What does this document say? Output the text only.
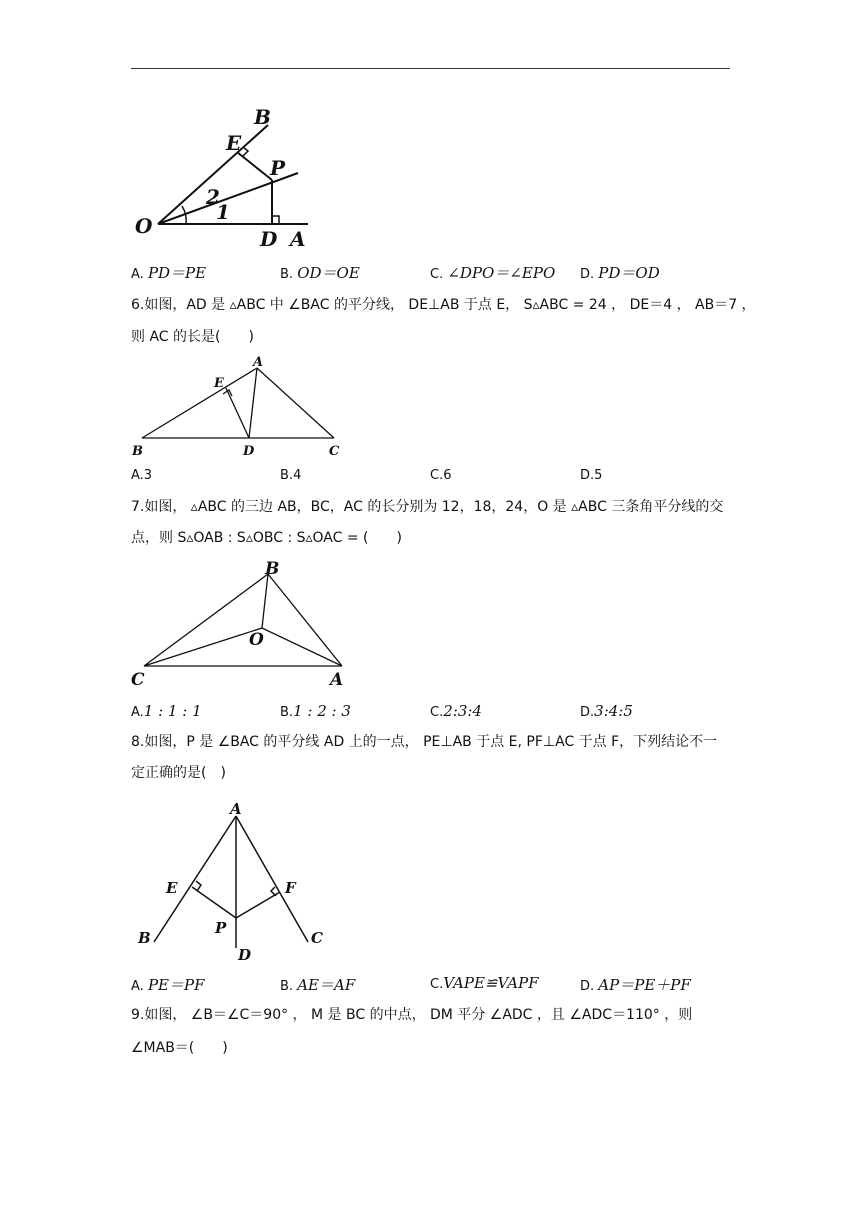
B
E
P
2
1
O
D A
A. PD＝PE	B. OD＝OE	C. ∠DPO＝∠EPO D. PD＝OD
6.如图，AD 是 ▵ABC 中 ∠BAC 的平分线， DE⊥AB 于点 E， S▵ABC = 24 ， DE＝4 ， AB＝7 ，
则 AC 的长是(　　)
A
E
B	D	C
A.3	B.4	C.6	D.5
7.如图， ▵ABC 的三边 AB，BC，AC 的长分别为 12，18，24，O 是 ▵ABC 三条角平分线的交
点，则 S▵OAB : S▵OBC : S▵OAC = (　　)
B
O
C	A
A.1 : 1 : 1	B.1 : 2 : 3	C.2:3:4	D.3:4:5
8.如图，P 是 ∠BAC 的平分线 AD 上的一点， PE⊥AB 于点 E, PF⊥AC 于点 F，下列结论不一
定正确的是(　)
A
E	F
P
B	C
D
A. PE＝PF	B. AE＝AF	C.VAPE≌VAPF	D. AP＝PE＋PF
9.如图， ∠B＝∠C＝90° ， M 是 BC 的中点， DM 平分 ∠ADC ，且 ∠ADC＝110° ，则
∠MAB＝(　　)
